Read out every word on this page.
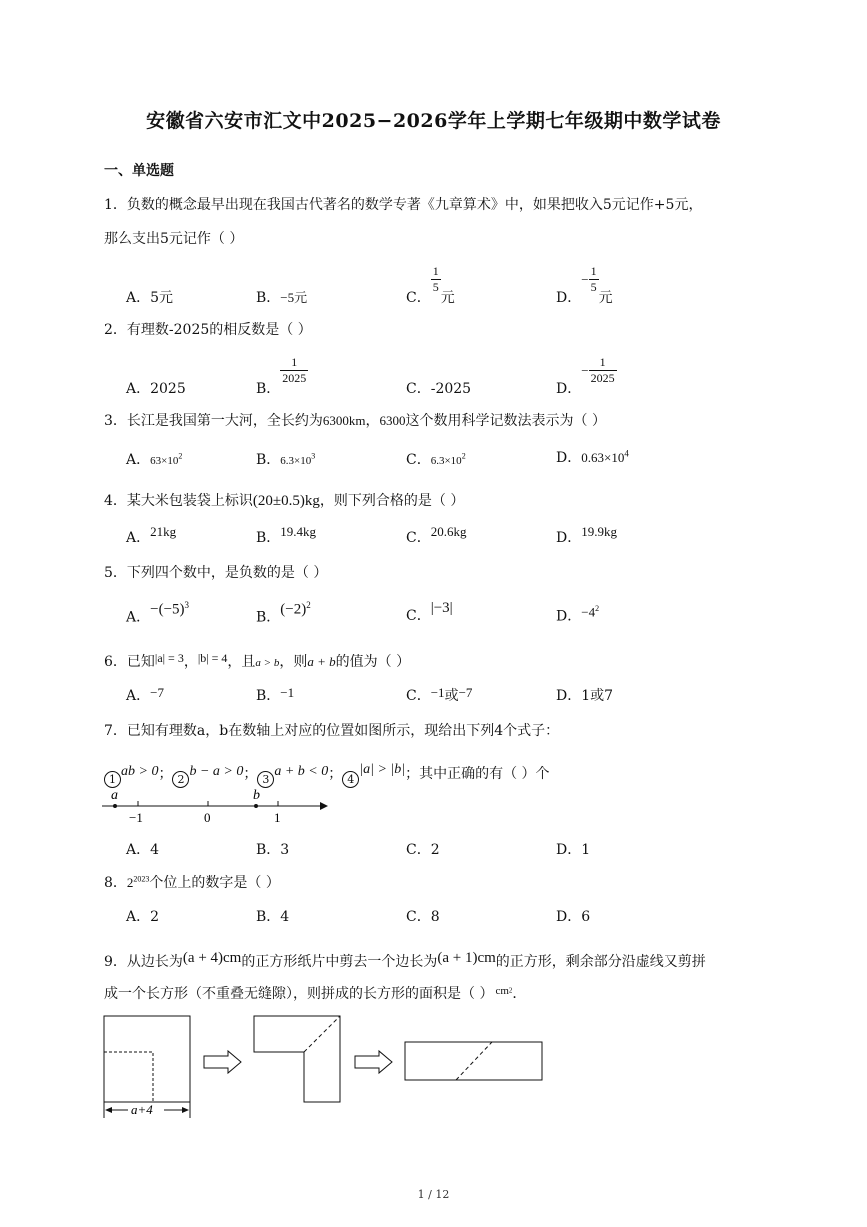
安徽省六安市汇文中2025−2026学年上学期七年级期中数学试卷
一、单选题
1．负数的概念最早出现在我国古代著名的数学专著《九章算术》中，如果把收入5元记作+5元，
那么支出5元记作（ ）
A．5元	B．−5元	C．
$\frac{1}{5}$
元	D．− $\frac{1}{5}$
元
2．有理数-2025的相反数是（ ）
A．2025	B．
$\frac{1}{2025}$
C．-2025	D．− $\frac{1}{2025}$
3．长江是我国第一大河，全长约为6300km，6300这个数用科学记数法表示为（ ）
A．$63\times 10^2$	B．$6.3\times 10^3$	C．$6.3\times 10^2$	D．$0.63\times 10^4$
4．某大米包装袋上标识(20±0.5)kg，则下列合格的是（ ）
A．21kg	B．19.4kg	C．20.6kg	D．19.9kg
5．下列四个数中，是负数的是（ ）
A．$-(-5)^3$
B．$(-2)^2$
C．|−3|
D．$-4^2$
6．已知|a| = 3，|b| = 4，且a > b，则a + b的值为（ ）
A．−7	B．−1	C．−1或−7	D．1或7
7．已知有理数a，b在数轴上对应的位置如图所示，现给出下列4个式子：
1ab > 0； 2b − a > 0； 3a + b < 0； 4|a| > |b|；其中正确的有（ ）个
a	b
−1	0	1
A．4	B．3	C．2	D．1
8．$2^{2023}$个位上的数字是（ ）
A．2	B．4	C．8	D．6
9．从边长为(a + 4)cm的正方形纸片中剪去一个边长为(a + 1)cm的正方形，剩余部分沿虚线又剪拼
成一个长方形（不重叠无缝隙），则拼成的长方形的面积是（ ） $^{cm2}$．
a+4
1 / 12
